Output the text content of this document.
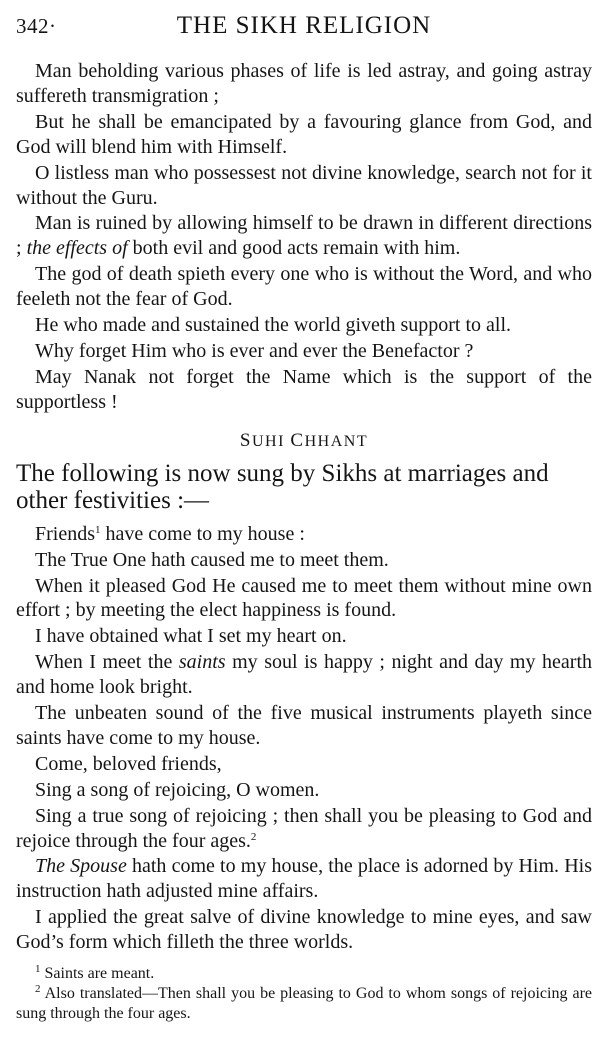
342·	THE SIKH RELIGION

Man beholding various phases of life is led astray, and going astray suffereth transmigration ;

But he shall be emancipated by a favouring glance from God, and God will blend him with Himself.

O listless man who possessest not divine knowledge, search not for it without the Guru.

Man is ruined by allowing himself to be drawn in different directions ; the effects of both evil and good acts remain with him.

The god of death spieth every one who is without the Word, and who feeleth not the fear of God.

He who made and sustained the world giveth support to all.

Why forget Him who is ever and ever the Benefactor ?

May Nanak not forget the Name which is the support of the supportless !

SUHI CHHANT

The following is now sung by Sikhs at marriages and other festivities :—

Friends$^1$ have come to my house :

The True One hath caused me to meet them.

When it pleased God He caused me to meet them without mine own effort ; by meeting the elect happiness is found.

I have obtained what I set my heart on.

When I meet the saints my soul is happy ; night and day my hearth and home look bright.

The unbeaten sound of the five musical instruments playeth since saints have come to my house.

Come, beloved friends,

Sing a song of rejoicing, O women.

Sing a true song of rejoicing ; then shall you be pleasing to God and rejoice through the four ages.$^2$

The Spouse hath come to my house, the place is adorned by Him. His instruction hath adjusted mine affairs.

I applied the great salve of divine knowledge to mine eyes, and saw God’s form which filleth the three worlds.

$^1$ Saints are meant.

$^2$ Also translated—Then shall you be pleasing to God to whom songs of rejoicing are sung through the four ages.
